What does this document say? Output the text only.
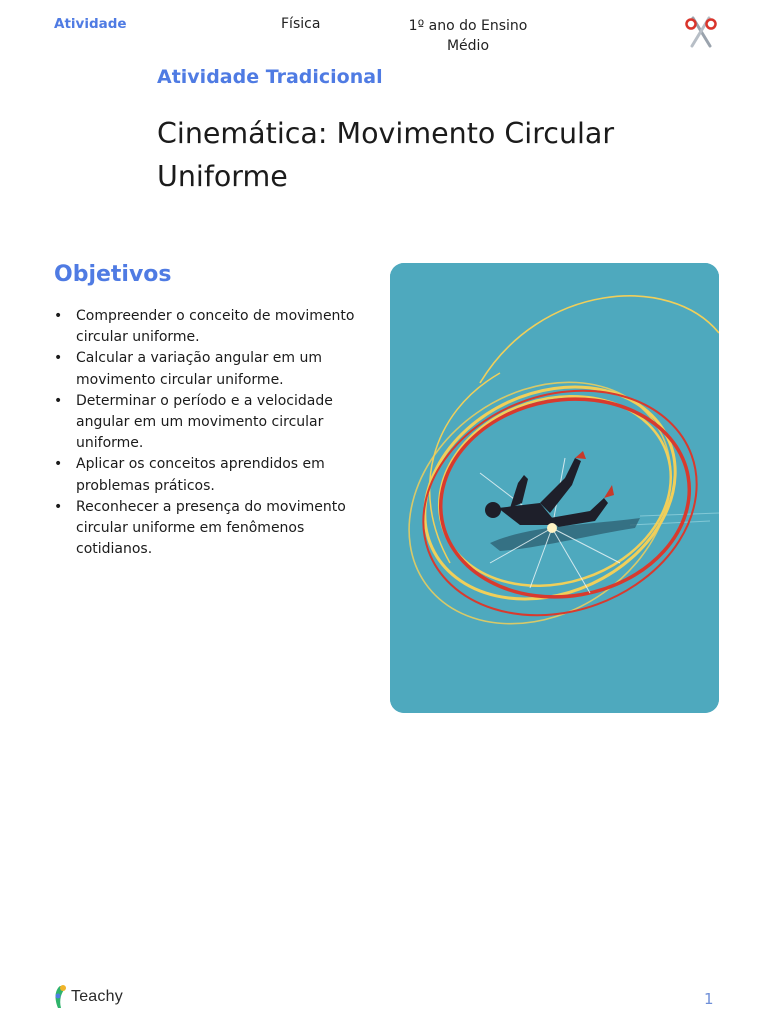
Atividade	Física	1º ano do Ensino Médio
Atividade Tradicional
Cinemática: Movimento Circular Uniforme
Objetivos
• Compreender o conceito de movimento circular uniforme.
• Calcular a variação angular em um movimento circular uniforme.
• Determinar o período e a velocidade angular em um movimento circular uniforme.
• Aplicar os conceitos aprendidos em problemas práticos.
• Reconhecer a presença do movimento circular uniforme em fenômenos cotidianos.
Teachy	1
